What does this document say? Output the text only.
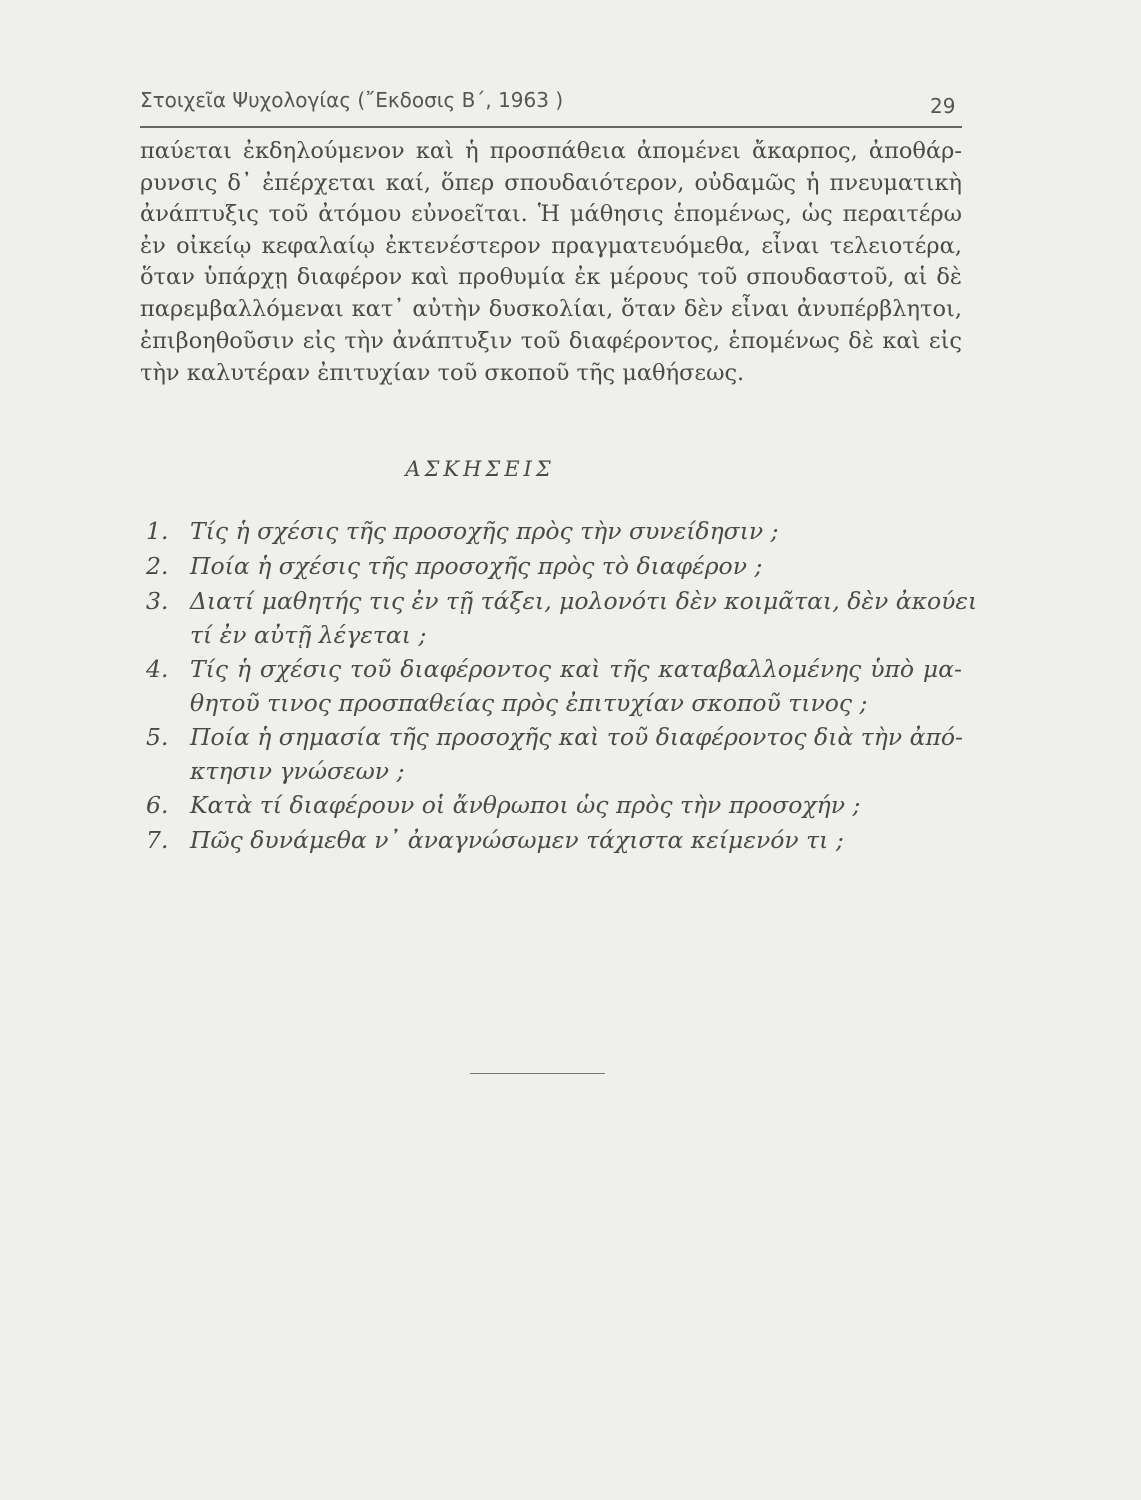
Στοιχεῖα Ψυχολογίας (῎Εκδοσις Β΄, 1963 )	29
παύεται ἐκδηλούμενον καὶ ἡ προσπάθεια ἀπομένει ἄκαρπος, ἀποθάρ-
ρυνσις δ᾽ ἐπέρχεται καί, ὅπερ σπουδαιότερον, οὐδαμῶς ἡ πνευματικὴ
ἀνάπτυξις τοῦ ἀτόμου εὐνοεῖται. Ἡ μάθησις ἑπομένως, ὡς περαιτέρω
ἐν οἰκείῳ κεφαλαίῳ ἐκτενέστερον πραγματευόμεθα, εἶναι τελειοτέρα,
ὅταν ὑπάρχῃ διαφέρον καὶ προθυμία ἐκ μέρους τοῦ σπουδαστοῦ, αἱ δὲ
παρεμβαλλόμεναι κατ᾽ αὐτὴν δυσκολίαι, ὅταν δὲν εἶναι ἀνυπέρβλητοι,
ἐπιβοηθοῦσιν εἰς τὴν ἀνάπτυξιν τοῦ διαφέροντος, ἑπομένως δὲ καὶ εἰς
τὴν καλυτέραν ἐπιτυχίαν τοῦ σκοποῦ τῆς μαθήσεως.
ΑΣΚΗΣΕΙΣ
1. Τίς ἡ σχέσις τῆς προσοχῆς πρὸς τὴν συνείδησιν ;
2. Ποία ἡ σχέσις τῆς προσοχῆς πρὸς τὸ διαφέρον ;
3. Διατί μαθητής τις ἐν τῇ τάξει, μολονότι δὲν κοιμᾶται, δὲν ἀκούει
τί ἐν αὐτῇ λέγεται ;
4. Τίς ἡ σχέσις τοῦ διαφέροντος καὶ τῆς καταβαλλομένης ὑπὸ μα-
θητοῦ τινος προσπαθείας πρὸς ἐπιτυχίαν σκοποῦ τινος ;
5. Ποία ἡ σημασία τῆς προσοχῆς καὶ τοῦ διαφέροντος διὰ τὴν ἀπό-
κτησιν γνώσεων ;
6. Κατὰ τί διαφέρουν οἱ ἄνθρωποι ὡς πρὸς τὴν προσοχήν ;
7. Πῶς δυνάμεθα ν᾽ ἀναγνώσωμεν τάχιστα κείμενόν τι ;
